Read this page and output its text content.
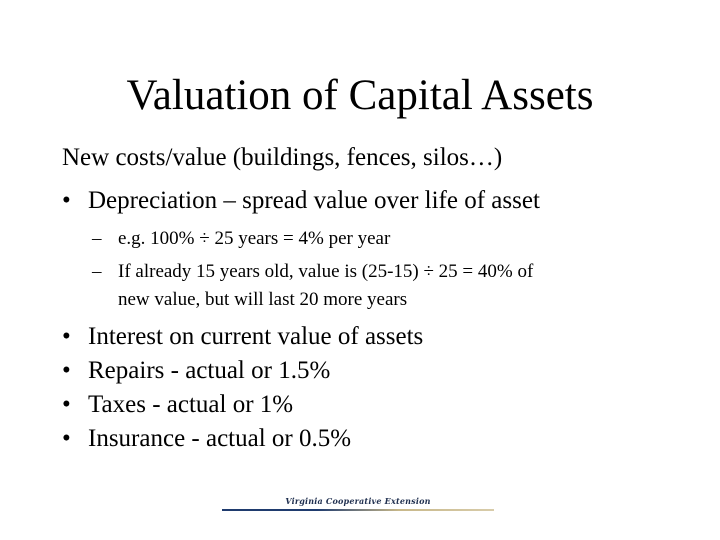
Valuation of Capital Assets
New costs/value (buildings, fences, silos…)
• Depreciation – spread value over life of asset
– e.g. 100% ÷ 25 years = 4% per year
– If already 15 years old, value is (25-15) ÷ 25 = 40% of
new value, but will last 20 more years
• Interest on current value of assets
• Repairs - actual or 1.5%
• Taxes - actual or 1%
• Insurance - actual or 0.5%
Virginia Cooperative Extension
